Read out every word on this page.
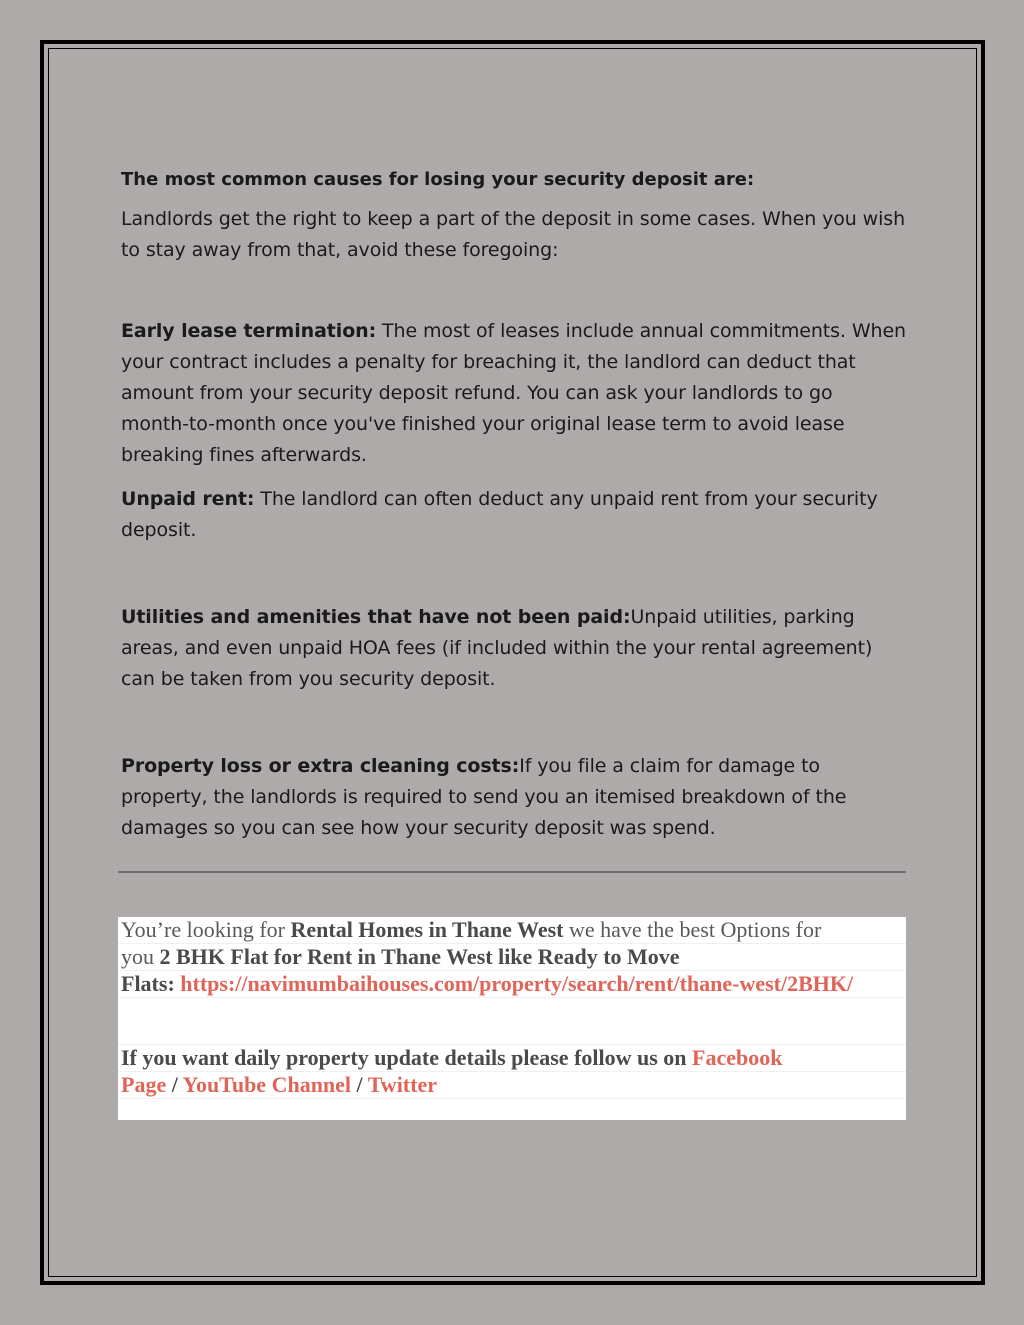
The most common causes for losing your security deposit are:

Landlords get the right to keep a part of the deposit in some cases. When you wish to stay away from that, avoid these foregoing:

Early lease termination: The most of leases include annual commitments. When your contract includes a penalty for breaching it, the landlord can deduct that amount from your security deposit refund. You can ask your landlords to go month-to-month once you've finished your original lease term to avoid lease breaking fines afterwards.

Unpaid rent: The landlord can often deduct any unpaid rent from your security deposit.

Utilities and amenities that have not been paid:Unpaid utilities, parking areas, and even unpaid HOA fees (if included within the your rental agreement) can be taken from you security deposit.

Property loss or extra cleaning costs:If you file a claim for damage to property, the landlords is required to send you an itemised breakdown of the damages so you can see how your security deposit was spend.

You’re looking for Rental Homes in Thane West we have the best Options for
you 2 BHK Flat for Rent in Thane West like Ready to Move
Flats: https://navimumbaihouses.com/property/search/rent/thane-west/2BHK/
If you want daily property update details please follow us on Facebook
Page / YouTube Channel / Twitter
